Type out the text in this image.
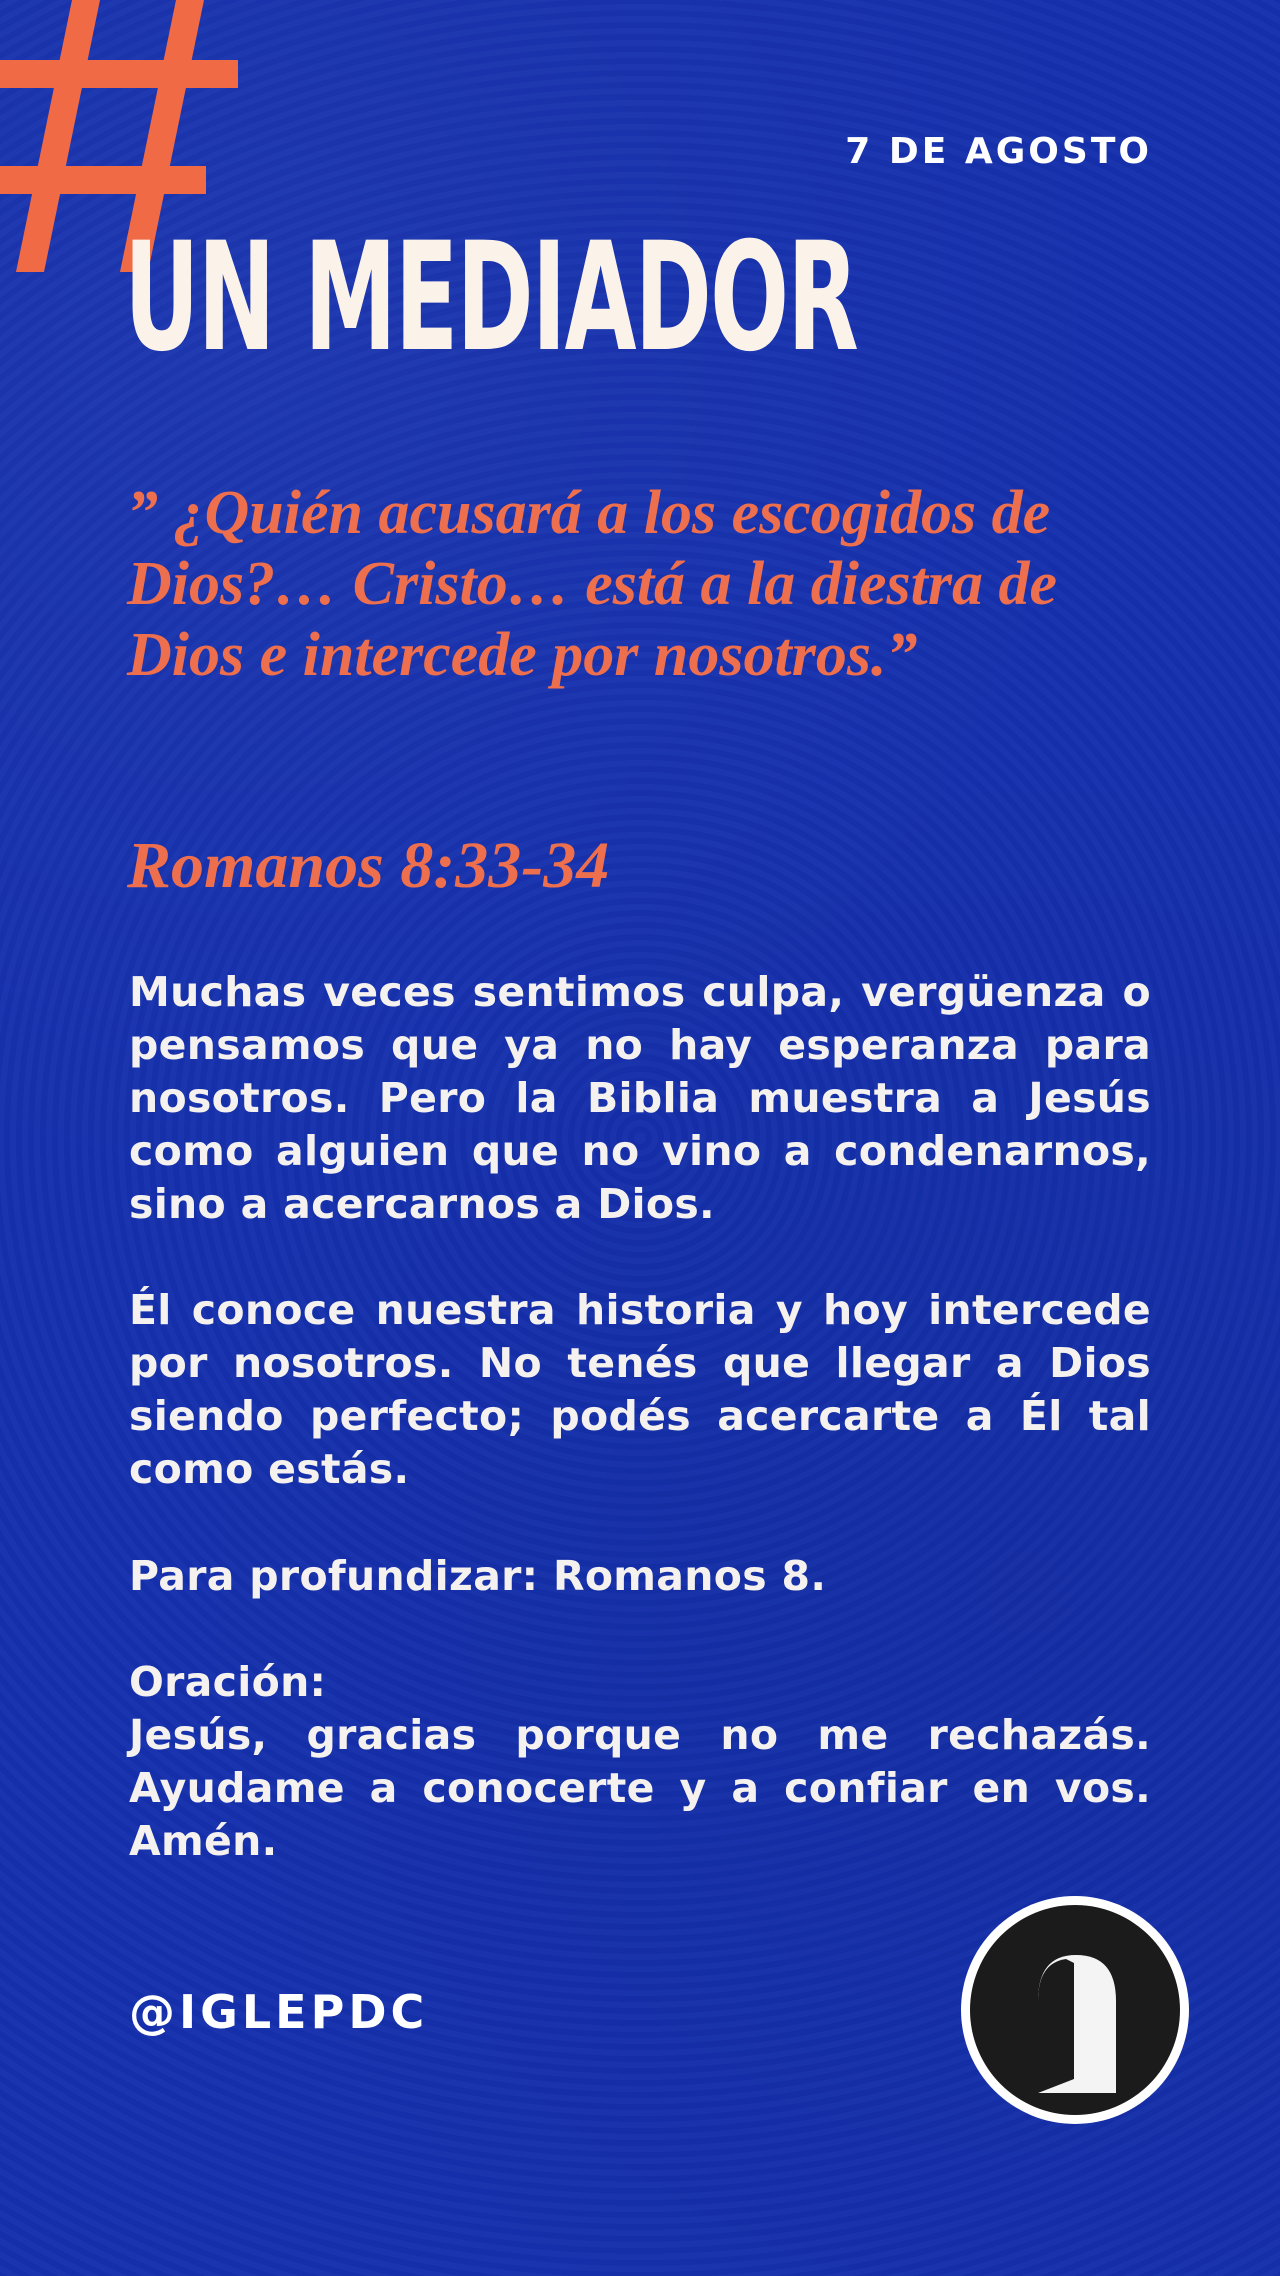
7 DE AGOSTO
UN MEDIADOR

” ¿Quién acusará a los escogidos de Dios?… Cristo… está a la diestra de Dios e intercede por nosotros.”

Romanos 8:33-34

Muchas veces sentimos culpa, vergüenza o pensamos que ya no hay esperanza para nosotros. Pero la Biblia muestra a Jesús como alguien que no vino a condenarnos, sino a acercarnos a Dios.

Él conoce nuestra historia y hoy intercede por nosotros. No tenés que llegar a Dios siendo perfecto; podés acercarte a Él tal como estás.

Para profundizar: Romanos 8.

Oración:

Jesús, gracias porque no me rechazás. Ayudame a conocerte y a confiar en vos. Amén.

@IGLEPDC
